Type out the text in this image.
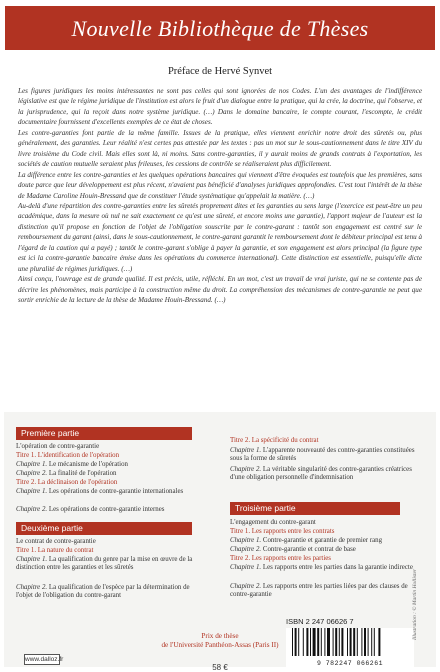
Nouvelle Bibliothèque de Thèses
Préface de Hervé Synvet

Les figures juridiques les moins intéressantes ne sont pas celles qui sont ignorées de nos Codes. L'un des avantages de l'indifférence législative est que le régime juridique de l'institution est alors le fruit d'un dialogue entre la pratique, qui la crée, la doctrine, qui l'observe, et la jurisprudence, qui la reçoit dans notre système juridique. (…) Dans le domaine bancaire, le compte courant, l'escompte, le crédit documentaire fournissent d'excellents exemples de ce état de choses.

Les contre-garanties font partie de la même famille. Issues de la pratique, elles viennent enrichir notre droit des sûretés ou, plus généralement, des garanties. Leur réalité n'est certes pas attestée par les textes : pas un mot sur le sous-cautionnement dans le titre XIV du livre troisième du Code civil. Mais elles sont là, ni moins. Sans contre-garanties, il y aurait moins de grands contrats à l'exportation, les sociétés de caution mutuelle seraient plus frileuses, les cessions de contrôle se réaliseraient plus difficilement.

La différence entre les contre-garanties et les quelques opérations bancaires qui viennent d'être évoquées est toutefois que les premières, sans doute parce que leur développement est plus récent, n'avaient pas bénéficié d'analyses juridiques approfondies. C'est tout l'intérêt de la thèse de Madame Caroline Houin-Bressand que de constituer l'étude systématique qu'appelait la matière. (…)

Au-delà d'une répartition des contre-garanties entre les sûretés proprement dites et les garanties au sens large (l'exercice est peut-être un peu académique, dans la mesure où nul ne sait exactement ce qu'est une sûreté, et encore moins une garantie), l'apport majeur de l'auteur est la distinction qu'il propose en fonction de l'objet de l'obligation souscrite par le contre-garant : tantôt son engagement est centré sur le remboursement du garant (ainsi, dans le sous-cautionnement, le contre-garant garantit le remboursement dont le débiteur principal est tenu à l'égard de la caution qui a payé) ; tantôt le contre-garant s'oblige à payer la garantie, et son engagement est alors principal (la figure type est ici la contre-garantie bancaire émise dans les opérations du commerce international). Cette distinction est essentielle, puisqu'elle dicte une pluralité de régimes juridiques. (…)

Ainsi conçu, l'ouvrage est de grande qualité. Il est précis, utile, réfléchi. En un mot, c'est un travail de vrai juriste, qui ne se contente pas de décrire les phénomènes, mais participe à la construction même du droit. La compréhension des mécanismes de contre-garantie ne peut que sortir enrichie de la lecture de la thèse de Madame Houin-Bressand. (…)

Première partie
L'opération de contre-garantie
Titre 1. L'identification de l'opération
Chapitre 1. Le mécanisme de l'opération
Chapitre 2. La finalité de l'opération
Titre 2. La déclinaison de l'opération
Chapitre 1. Les opérations de contre-garantie internationales
Chapitre 2. Les opérations de contre-garantie internes
Deuxième partie
Le contrat de contre-garantie
Titre 1. La nature du contrat
Chapitre 1. La qualification du genre par la mise en œuvre de la distinction entre les garanties et les sûretés
Chapitre 2. La qualification de l'espèce par la détermination de l'objet de l'obligation du contre-garant
Titre 2. La spécificité du contrat
Chapitre 1. L'apparente nouveauté des contre-garanties constituées sous la forme de sûretés
Chapitre 2. La véritable singularité des contre-garanties créatrices d'une obligation personnelle d'indemnisation
Troisième partie
L'engagement du contre-garant
Titre 1. Les rapports entre les contrats
Chapitre 1. Contre-garantie et garantie de premier rang
Chapitre 2. Contre-garantie et contrat de base
Titre 2. Les rapports entre les parties
Chapitre 1. Les rapports entre les parties dans la garantie indirecte
Chapitre 2. Les rapports entre les parties liées par des clauses de contre-garantie
ISBN 2 247 06626 7
9 782247 066261
Illustration : © Martin Hollister
www.dalloz.fr
Prix de thèse
de l'Université Panthéon-Assas (Paris II)
58 €
